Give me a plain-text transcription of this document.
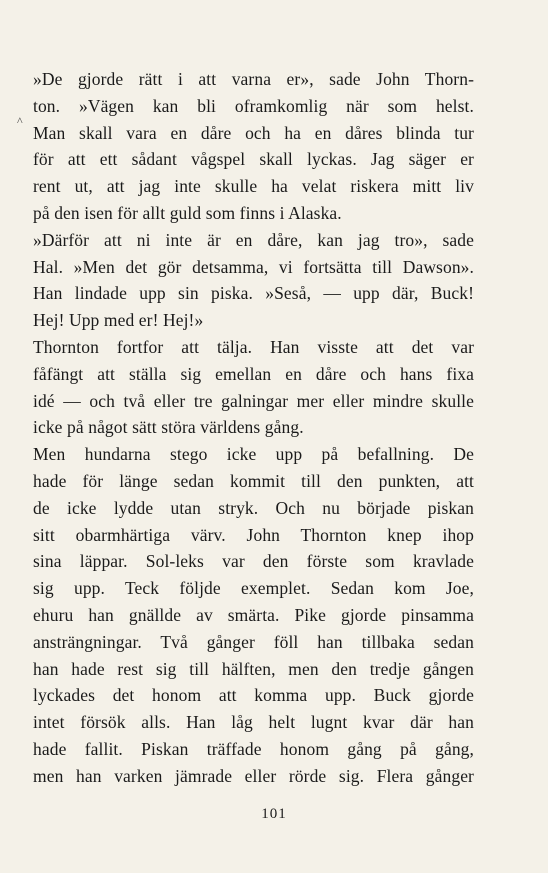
^
»De gjorde rätt i att varna er», sade John Thorn-
ton. »Vägen kan bli oframkomlig när som helst.
Man skall vara en dåre och ha en dåres blinda tur
för att ett sådant vågspel skall lyckas. Jag säger er
rent ut, att jag inte skulle ha velat riskera mitt liv
på den isen för allt guld som finns i Alaska.
»Därför att ni inte är en dåre, kan jag tro», sade
Hal. »Men det gör detsamma, vi fortsätta till Dawson».
Han lindade upp sin piska. »Seså, — upp där, Buck!
Hej! Upp med er! Hej!»
Thornton fortfor att tälja. Han visste att det var
fåfängt att ställa sig emellan en dåre och hans fixa
idé — och två eller tre galningar mer eller mindre skulle
icke på något sätt störa världens gång.
Men hundarna stego icke upp på befallning. De
hade för länge sedan kommit till den punkten, att
de icke lydde utan stryk. Och nu började piskan
sitt obarmhärtiga värv. John Thornton knep ihop
sina läppar. Sol-leks var den förste som kravlade
sig upp. Teck följde exemplet. Sedan kom Joe,
ehuru han gnällde av smärta. Pike gjorde pinsamma
ansträngningar. Två gånger föll han tillbaka sedan
han hade rest sig till hälften, men den tredje gången
lyckades det honom att komma upp. Buck gjorde
intet försök alls. Han låg helt lugnt kvar där han
hade fallit. Piskan träffade honom gång på gång,
men han varken jämrade eller rörde sig. Flera gånger
101
